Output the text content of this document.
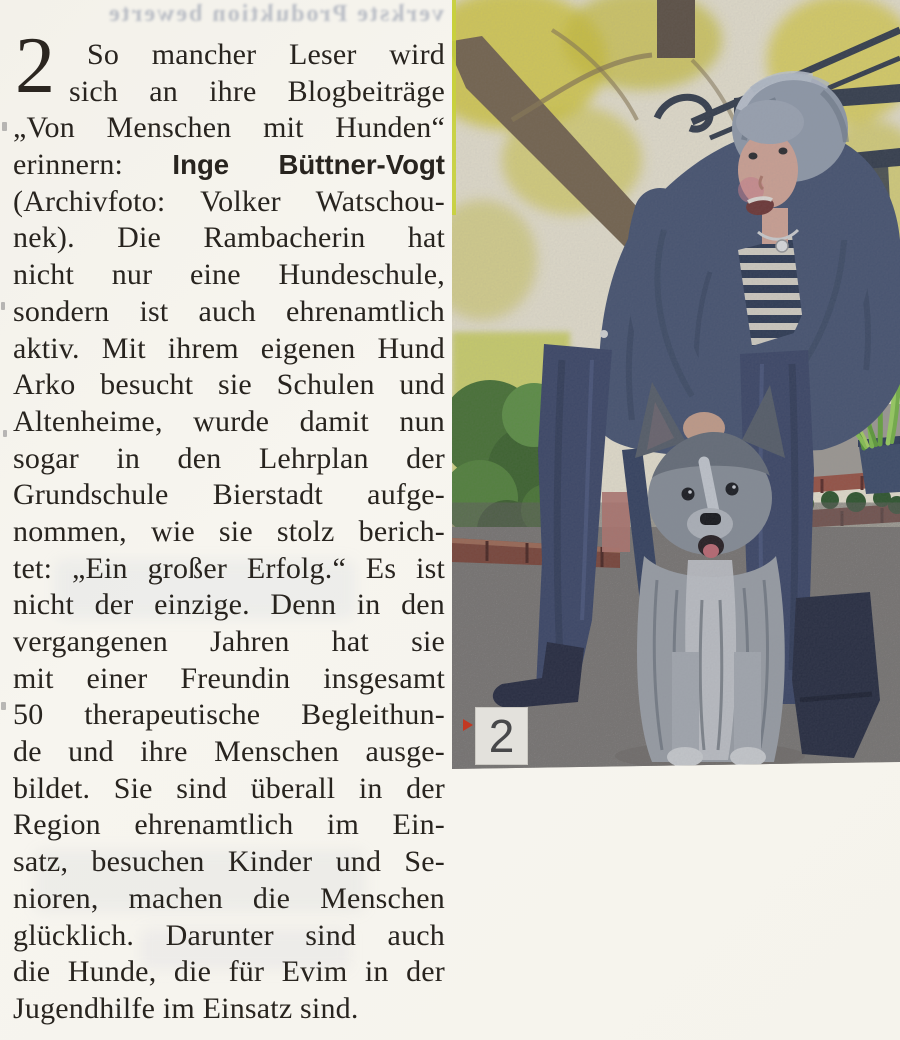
verkste Produktion bewerte
2	So mancher Leser wird
sich an ihre Blogbeiträge
„Von Menschen mit Hunden“
erinnern: Inge Büttner-Vogt
(Archivfoto: Volker Watschou-
nek). Die Rambacherin hat
nicht nur eine Hundeschule,
sondern ist auch ehrenamtlich
aktiv. Mit ihrem eigenen Hund
Arko besucht sie Schulen und
Altenheime, wurde damit nun
sogar in den Lehrplan der
Grundschule Bierstadt aufge-
nommen, wie sie stolz berich-
tet: „Ein großer Erfolg.“ Es ist
nicht der einzige. Denn in den
vergangenen Jahren hat sie
mit einer Freundin insgesamt
50 therapeutische Begleithun-
de und ihre Menschen ausge-
bildet. Sie sind überall in der
Region ehrenamtlich im Ein-
satz, besuchen Kinder und Se-
nioren, machen die Menschen
glücklich. Darunter sind auch
die Hunde, die für Evim in der
Jugendhilfe im Einsatz sind.
2
